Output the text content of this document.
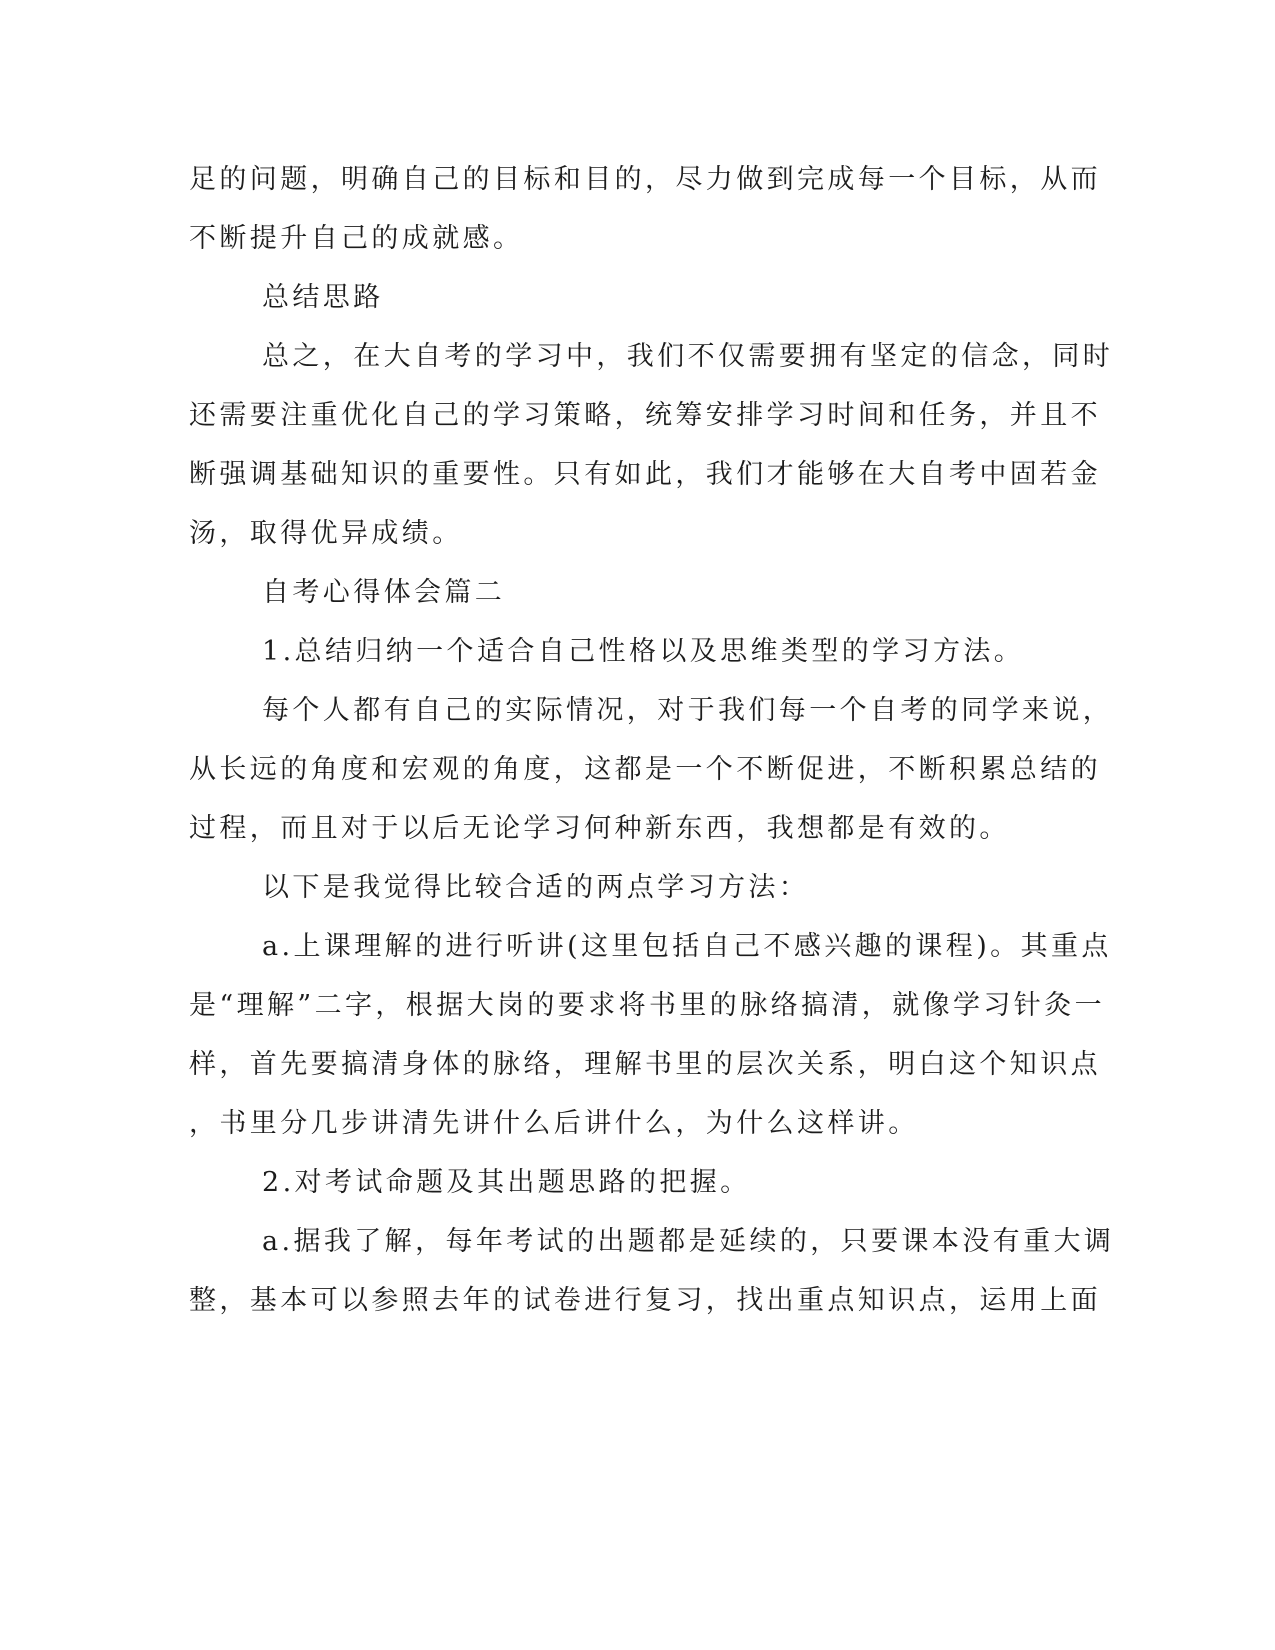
足的问题，明确自己的目标和目的，尽力做到完成每一个目标，从而
不断提升自己的成就感。
总结思路
总之，在大自考的学习中，我们不仅需要拥有坚定的信念，同时
还需要注重优化自己的学习策略，统筹安排学习时间和任务，并且不
断强调基础知识的重要性。只有如此，我们才能够在大自考中固若金
汤，取得优异成绩。
自考心得体会篇二
1.总结归纳一个适合自己性格以及思维类型的学习方法。
每个人都有自己的实际情况，对于我们每一个自考的同学来说，
从长远的角度和宏观的角度，这都是一个不断促进，不断积累总结的
过程，而且对于以后无论学习何种新东西，我想都是有效的。
以下是我觉得比较合适的两点学习方法：
a.上课理解的进行听讲(这里包括自己不感兴趣的课程)。其重点
是“理解”二字，根据大岗的要求将书里的脉络搞清，就像学习针灸一
样，首先要搞清身体的脉络，理解书里的层次关系，明白这个知识点
，书里分几步讲清先讲什么后讲什么，为什么这样讲。
2.对考试命题及其出题思路的把握。
a.据我了解，每年考试的出题都是延续的，只要课本没有重大调
整，基本可以参照去年的试卷进行复习，找出重点知识点，运用上面
